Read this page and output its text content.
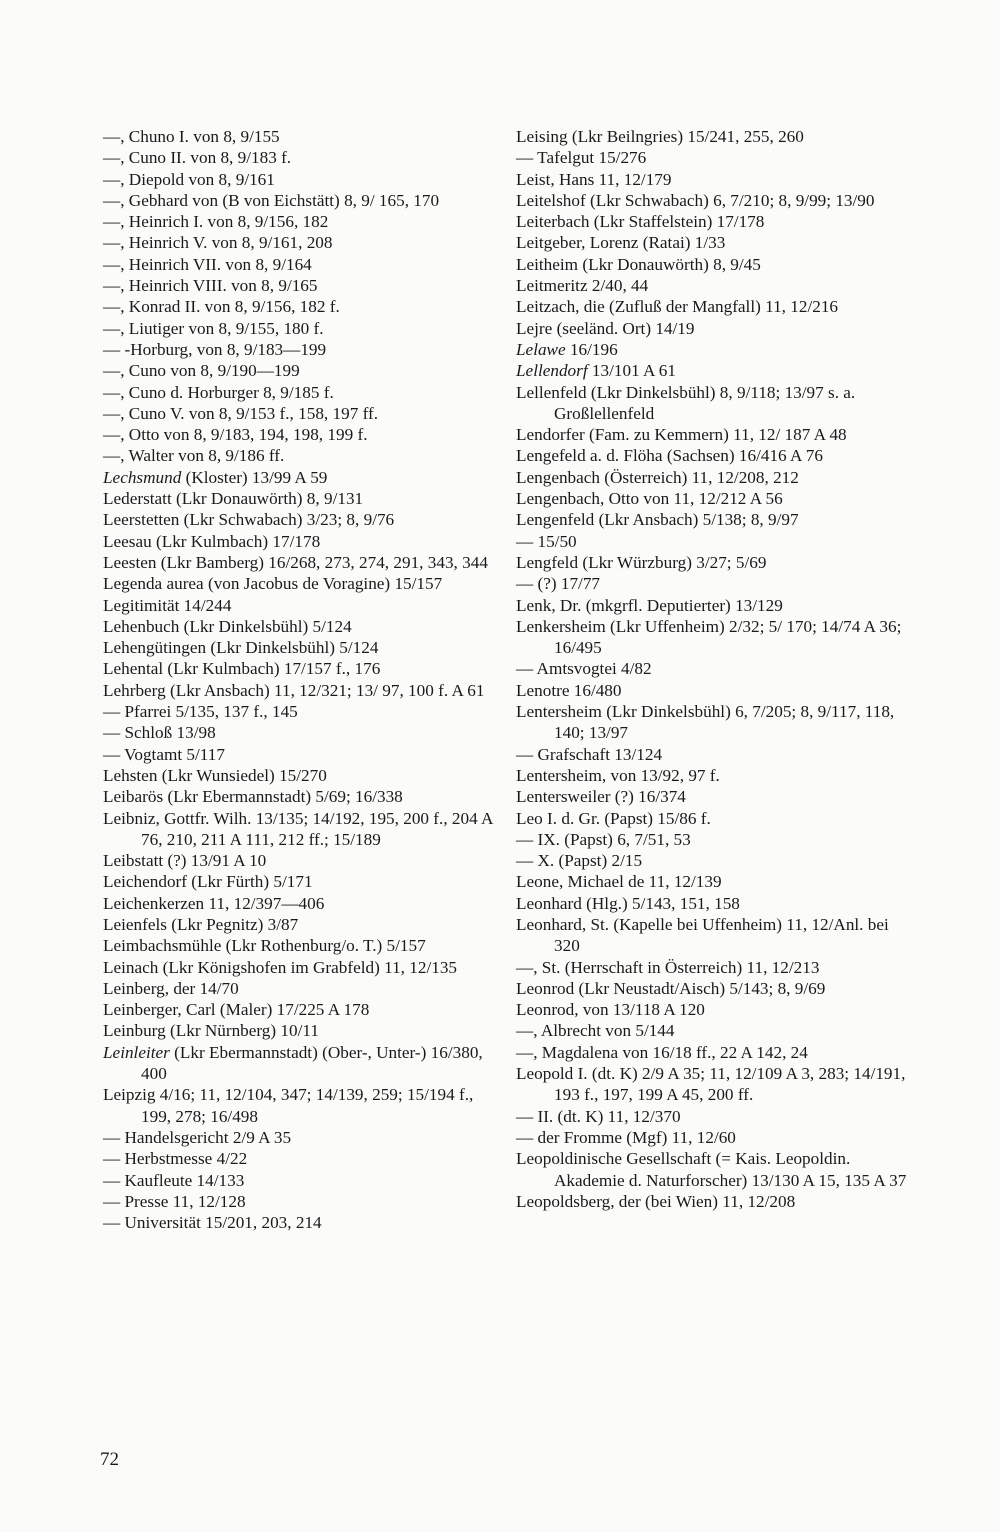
—, Chuno I. von 8, 9/155

—, Cuno II. von 8, 9/183 f.

—, Diepold von 8, 9/161

—, Gebhard von (B von Eichstätt) 8, 9/ 165, 170

—, Heinrich I. von 8, 9/156, 182

—, Heinrich V. von 8, 9/161, 208

—, Heinrich VII. von 8, 9/164

—, Heinrich VIII. von 8, 9/165

—, Konrad II. von 8, 9/156, 182 f.

—, Liutiger von 8, 9/155, 180 f.

— -Horburg, von 8, 9/183—199

—, Cuno von 8, 9/190—199

—, Cuno d. Horburger 8, 9/185 f.

—, Cuno V. von 8, 9/153 f., 158, 197 ff.

—, Otto von 8, 9/183, 194, 198, 199 f.

—, Walter von 8, 9/186 ff.

Lechsmund (Kloster) 13/99 A 59

Lederstatt (Lkr Donauwörth) 8, 9/131

Leerstetten (Lkr Schwabach) 3/23; 8, 9/76

Leesau (Lkr Kulmbach) 17/178

Leesten (Lkr Bamberg) 16/268, 273, 274, 291, 343, 344

Legenda aurea (von Jacobus de Voragine) 15/157

Legitimität 14/244

Lehenbuch (Lkr Dinkelsbühl) 5/124

Lehengütingen (Lkr Dinkelsbühl) 5/124

Lehental (Lkr Kulmbach) 17/157 f., 176

Lehrberg (Lkr Ansbach) 11, 12/321; 13/ 97, 100 f. A 61

— Pfarrei 5/135, 137 f., 145

— Schloß 13/98

— Vogtamt 5/117

Lehsten (Lkr Wunsiedel) 15/270

Leibarös (Lkr Ebermannstadt) 5/69; 16/338

Leibniz, Gottfr. Wilh. 13/135; 14/192, 195, 200 f., 204 A 76, 210, 211 A 111, 212 ff.; 15/189

Leibstatt (?) 13/91 A 10

Leichendorf (Lkr Fürth) 5/171

Leichenkerzen 11, 12/397—406

Leienfels (Lkr Pegnitz) 3/87

Leimbachsmühle (Lkr Rothenburg/o. T.) 5/157

Leinach (Lkr Königshofen im Grabfeld) 11, 12/135

Leinberg, der 14/70

Leinberger, Carl (Maler) 17/225 A 178

Leinburg (Lkr Nürnberg) 10/11

Leinleiter (Lkr Ebermannstadt) (Ober-, Unter-) 16/380, 400

Leipzig 4/16; 11, 12/104, 347; 14/139, 259; 15/194 f., 199, 278; 16/498

— Handelsgericht 2/9 A 35

— Herbstmesse 4/22

— Kaufleute 14/133

— Presse 11, 12/128

— Universität 15/201, 203, 214

Leising (Lkr Beilngries) 15/241, 255, 260

— Tafelgut 15/276

Leist, Hans 11, 12/179

Leitelshof (Lkr Schwabach) 6, 7/210; 8, 9/99; 13/90

Leiterbach (Lkr Staffelstein) 17/178

Leitgeber, Lorenz (Ratai) 1/33

Leitheim (Lkr Donauwörth) 8, 9/45

Leitmeritz 2/40, 44

Leitzach, die (Zufluß der Mangfall) 11, 12/216

Lejre (seeländ. Ort) 14/19

Lelawe 16/196

Lellendorf 13/101 A 61

Lellenfeld (Lkr Dinkelsbühl) 8, 9/118; 13/97 s. a. Großlellenfeld

Lendorfer (Fam. zu Kemmern) 11, 12/ 187 A 48

Lengefeld a. d. Flöha (Sachsen) 16/416 A 76

Lengenbach (Österreich) 11, 12/208, 212

Lengenbach, Otto von 11, 12/212 A 56

Lengenfeld (Lkr Ansbach) 5/138; 8, 9/97

— 15/50

Lengfeld (Lkr Würzburg) 3/27; 5/69

— (?) 17/77

Lenk, Dr. (mkgrfl. Deputierter) 13/129

Lenkersheim (Lkr Uffenheim) 2/32; 5/ 170; 14/74 A 36; 16/495

— Amtsvogtei 4/82

Lenotre 16/480

Lentersheim (Lkr Dinkelsbühl) 6, 7/205; 8, 9/117, 118, 140; 13/97

— Grafschaft 13/124

Lentersheim, von 13/92, 97 f.

Lentersweiler (?) 16/374

Leo I. d. Gr. (Papst) 15/86 f.

— IX. (Papst) 6, 7/51, 53

— X. (Papst) 2/15

Leone, Michael de 11, 12/139

Leonhard (Hlg.) 5/143, 151, 158

Leonhard, St. (Kapelle bei Uffenheim) 11, 12/Anl. bei 320

—, St. (Herrschaft in Österreich) 11, 12/213

Leonrod (Lkr Neustadt/Aisch) 5/143; 8, 9/69

Leonrod, von 13/118 A 120

—, Albrecht von 5/144

—, Magdalena von 16/18 ff., 22 A 142, 24

Leopold I. (dt. K) 2/9 A 35; 11, 12/109 A 3, 283; 14/191, 193 f., 197, 199 A 45, 200 ff.

— II. (dt. K) 11, 12/370

— der Fromme (Mgf) 11, 12/60

Leopoldinische Gesellschaft (= Kais. Leopoldin. Akademie d. Naturforscher) 13/130 A 15, 135 A 37

Leopoldsberg, der (bei Wien) 11, 12/208

72
